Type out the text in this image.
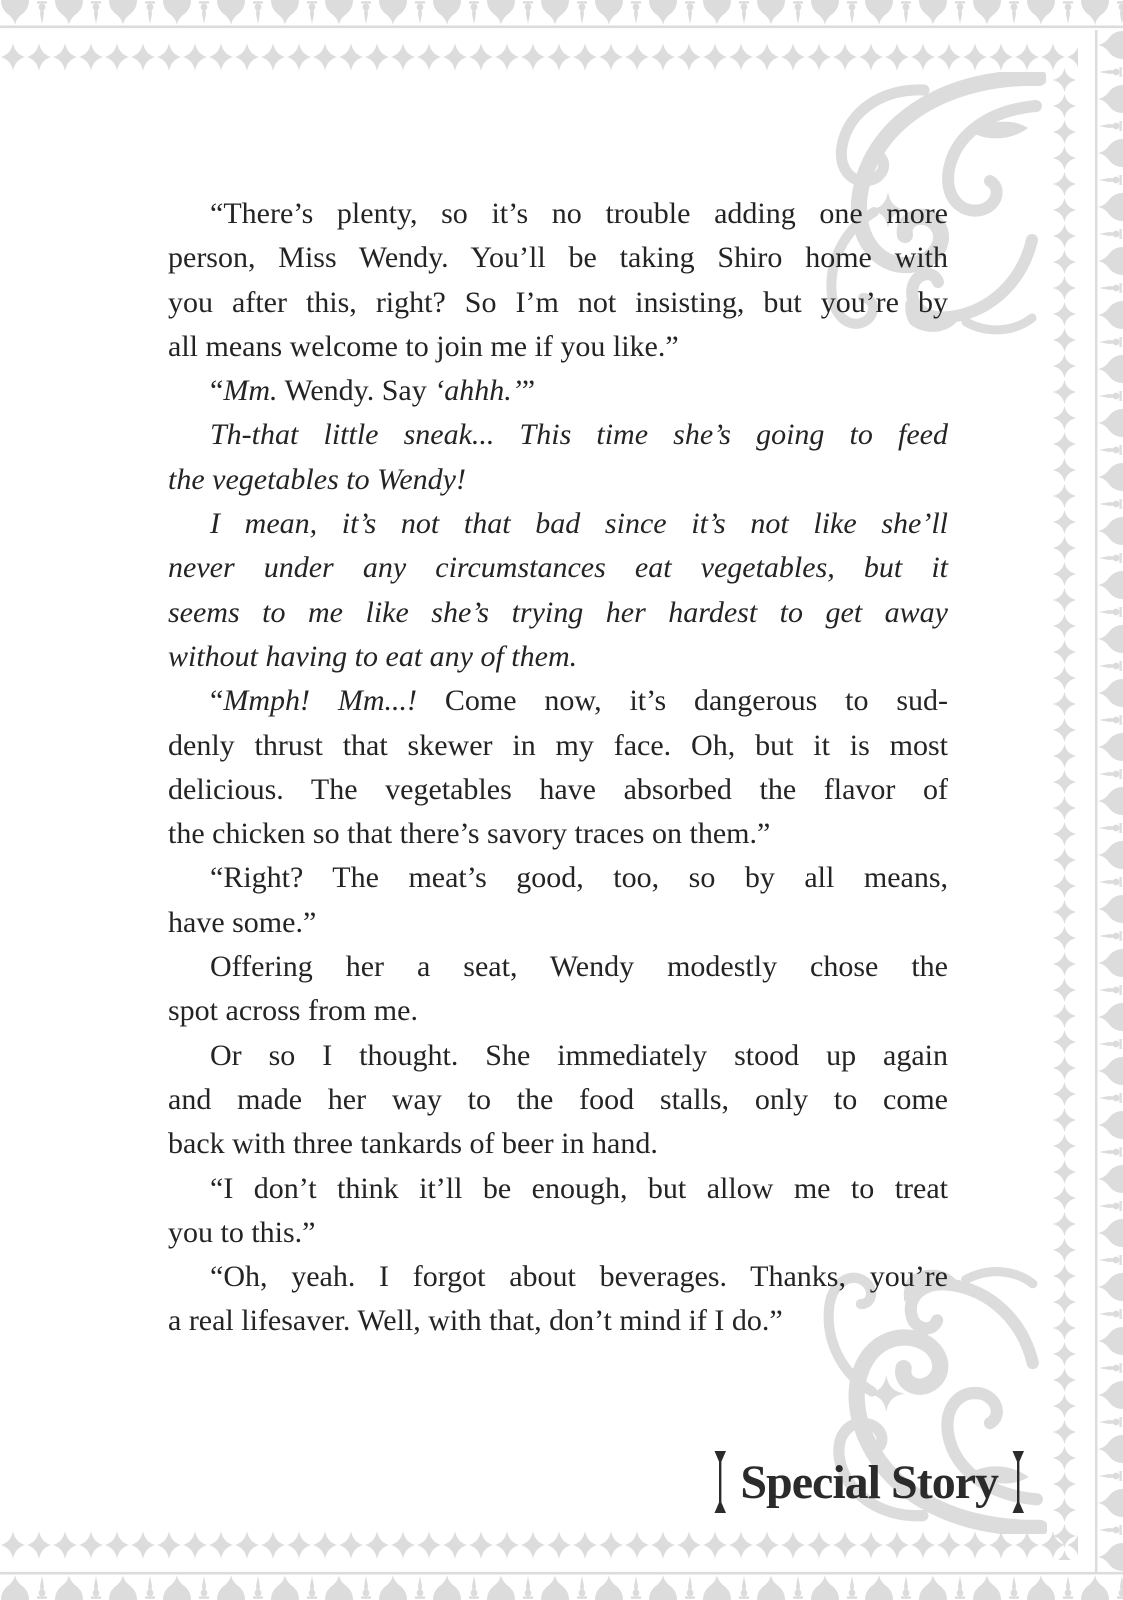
“There’s plenty, so it’s no trouble adding one more
person, Miss Wendy. You’ll be taking Shiro home with
you after this, right? So I’m not insisting, but you’re by
all means welcome to join me if you like.”
“Mm. Wendy. Say ‘ahhh.’”
Th-that little sneak... This time she’s going to feed
the vegetables to Wendy!
I mean, it’s not that bad since it’s not like she’ll
never under any circumstances eat vegetables, but it
seems to me like she’s trying her hardest to get away
without having to eat any of them.
“Mmph! Mm...! Come now, it’s dangerous to sud-
denly thrust that skewer in my face. Oh, but it is most
delicious. The vegetables have absorbed the flavor of
the chicken so that there’s savory traces on them.”
“Right? The meat’s good, too, so by all means,
have some.”
Offering her a seat, Wendy modestly chose the
spot across from me.
Or so I thought. She immediately stood up again
and made her way to the food stalls, only to come
back with three tankards of beer in hand.
“I don’t think it’ll be enough, but allow me to treat
you to this.”
“Oh, yeah. I forgot about beverages. Thanks, you’re
a real lifesaver. Well, with that, don’t mind if I do.”
Special Story
